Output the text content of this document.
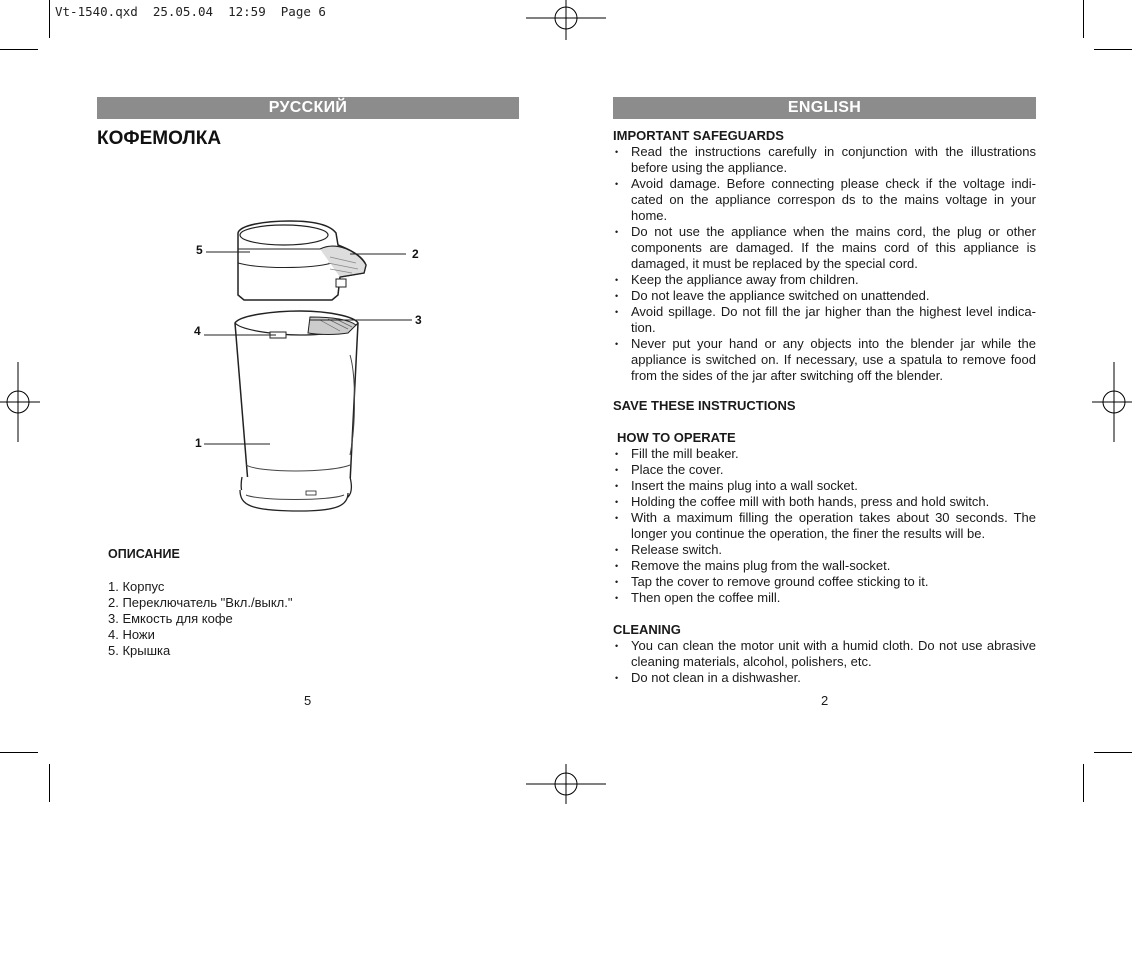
Vt-1540.qxd  25.05.04  12:59  Page 6
РУССКИЙ
КОФЕМОЛКА
5	2
4
3
1
ОПИСАНИЕ
1. Корпус
2. Переключатель "Вкл./выкл."
3. Емкость для кофе
4. Ножи
5. Крышка
5
ENGLISH
IMPORTANT SAFEGUARDS
• Read the instructions carefully in conjunction with the illustrations before using the appliance.
• Avoid damage. Before connecting please check if the voltage indi-cated on the appliance correspon ds to the mains voltage in your home.
• Do not use the appliance when the mains cord, the plug or other components are damaged. If the mains cord of this appliance is damaged, it must be replaced by the special cord.
• Keep the appliance away from children.
• Do not leave the appliance switched on unattended.
• Avoid spillage. Do not fill the jar higher than the highest level indica-tion.
• Never put your hand or any objects into the blender jar while the appliance is switched on. If necessary, use a spatula to remove food from the sides of the jar after switching off the blender.
SAVE THESE INSTRUCTIONS
HOW TO OPERATE
• Fill the mill beaker.
• Place the cover.
• Insert the mains plug into a wall socket.
• Holding the coffee mill with both hands, press and hold switch.
• With a maximum filling the operation takes about 30 seconds. The longer you continue the operation, the finer the results will be.
• Release switch.
• Remove the mains plug from the wall-socket.
• Tap the cover to remove ground coffee sticking to it.
• Then open the coffee mill.
CLEANING
• You can clean the motor unit with a humid cloth. Do not use abrasive cleaning materials, alcohol, polishers, etc.
• Do not clean in a dishwasher.
2
